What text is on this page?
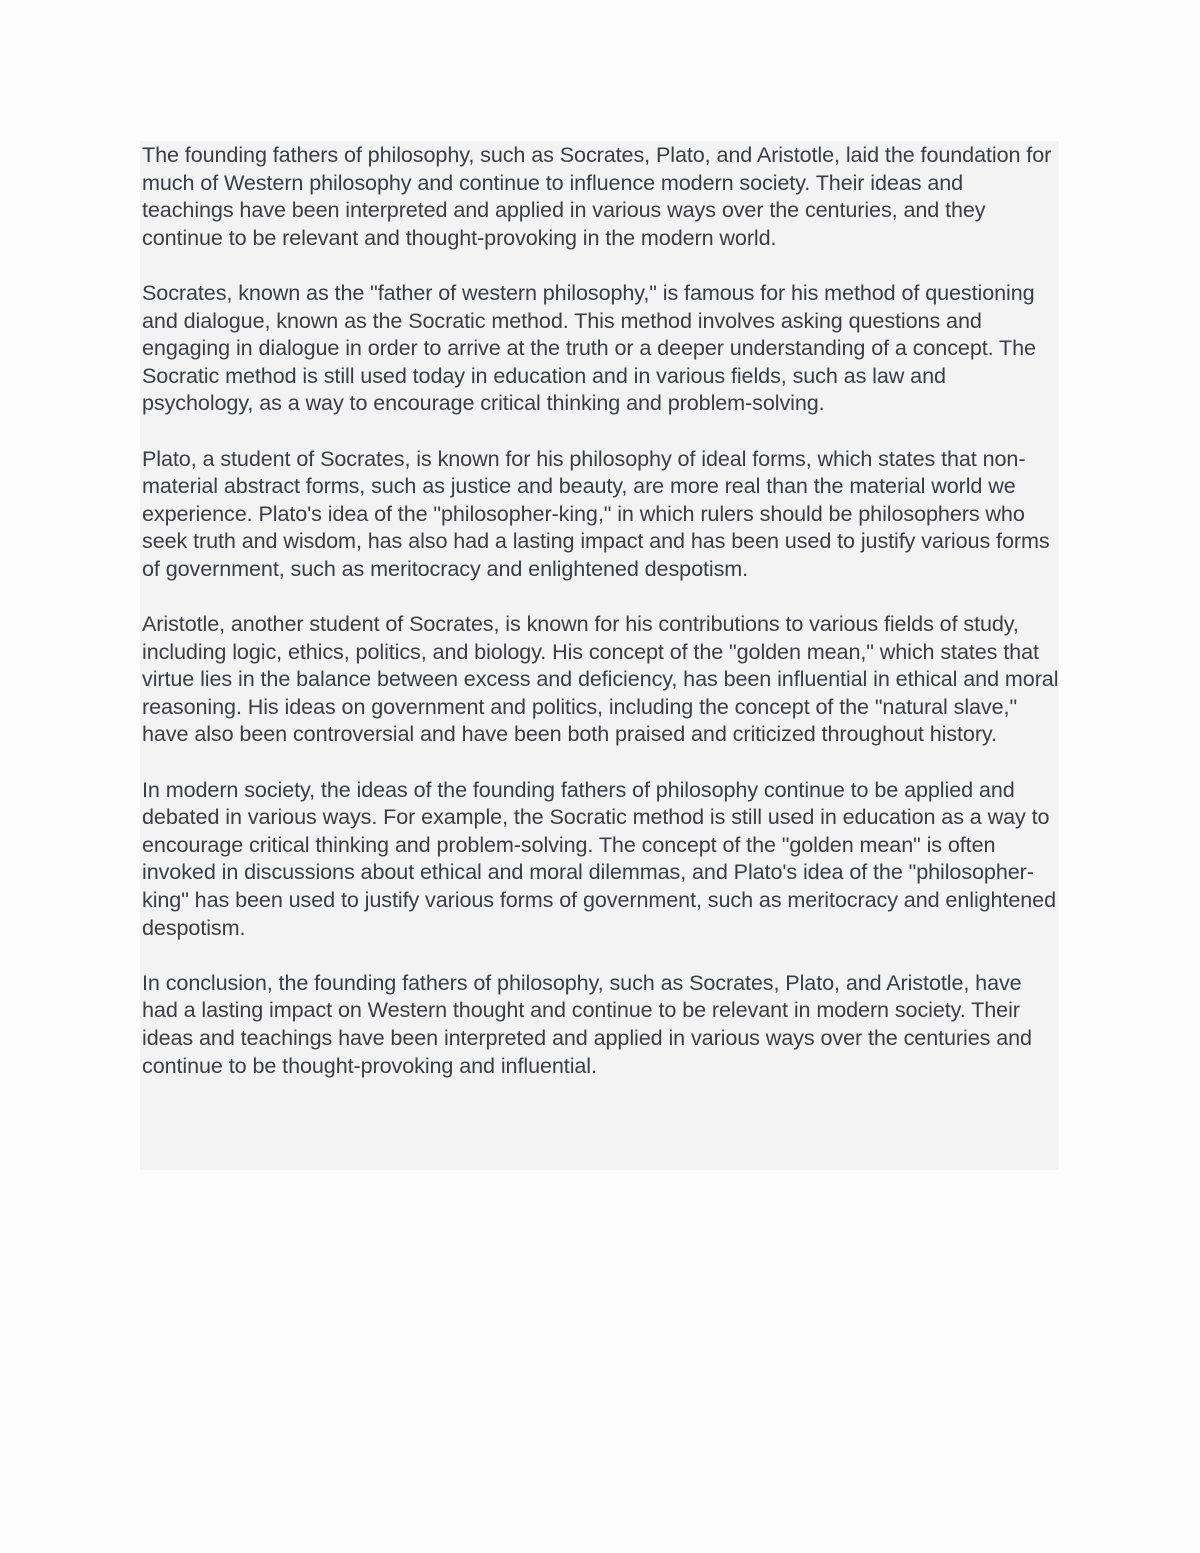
The founding fathers of philosophy, such as Socrates, Plato, and Aristotle, laid the foundation for much of Western philosophy and continue to influence modern society. Their ideas and teachings have been interpreted and applied in various ways over the centuries, and they continue to be relevant and thought-provoking in the modern world.

Socrates, known as the "father of western philosophy," is famous for his method of questioning and dialogue, known as the Socratic method. This method involves asking questions and engaging in dialogue in order to arrive at the truth or a deeper understanding of a concept. The Socratic method is still used today in education and in various fields, such as law and psychology, as a way to encourage critical thinking and problem-solving.

Plato, a student of Socrates, is known for his philosophy of ideal forms, which states that non-material abstract forms, such as justice and beauty, are more real than the material world we experience. Plato's idea of the "philosopher-king," in which rulers should be philosophers who seek truth and wisdom, has also had a lasting impact and has been used to justify various forms of government, such as meritocracy and enlightened despotism.

Aristotle, another student of Socrates, is known for his contributions to various fields of study, including logic, ethics, politics, and biology. His concept of the "golden mean," which states that virtue lies in the balance between excess and deficiency, has been influential in ethical and moral reasoning. His ideas on government and politics, including the concept of the "natural slave," have also been controversial and have been both praised and criticized throughout history.

In modern society, the ideas of the founding fathers of philosophy continue to be applied and debated in various ways. For example, the Socratic method is still used in education as a way to encourage critical thinking and problem-solving. The concept of the "golden mean" is often invoked in discussions about ethical and moral dilemmas, and Plato's idea of the "philosopher-king" has been used to justify various forms of government, such as meritocracy and enlightened despotism.

In conclusion, the founding fathers of philosophy, such as Socrates, Plato, and Aristotle, have had a lasting impact on Western thought and continue to be relevant in modern society. Their ideas and teachings have been interpreted and applied in various ways over the centuries and continue to be thought-provoking and influential.
